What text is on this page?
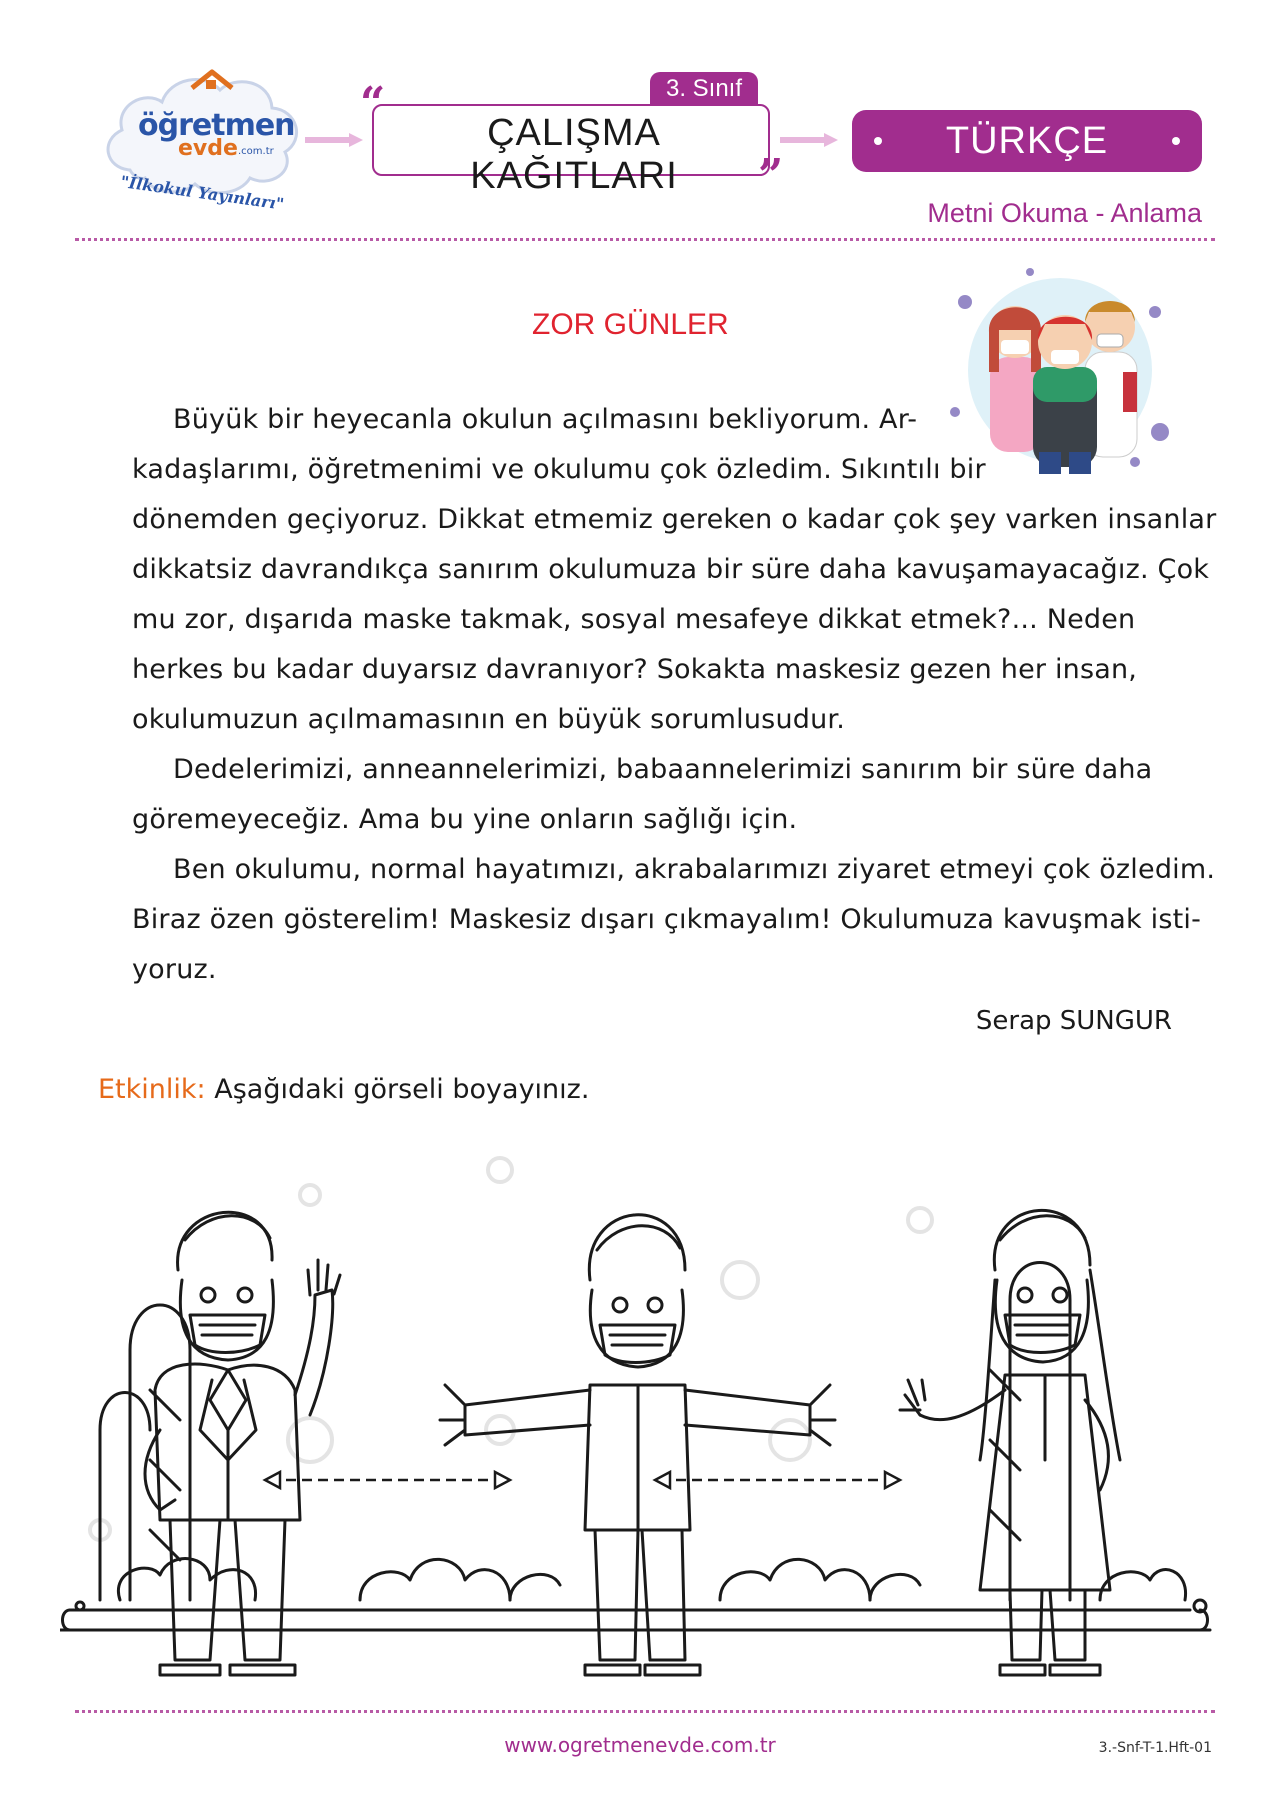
öğretmen
evde .com.tr
"İlkokul Yayınları"
“	3. Sınıf
ÇALIŞMA KAĞITLARI	”
TÜRKÇE
Metni Okuma - Anlama
ZOR GÜNLER
Büyük bir heyecanla okulun açılmasını bekliyorum. Ar-
kadaşlarımı, öğretmenimi ve okulumu çok özledim. Sıkıntılı bir
dönemden geçiyoruz. Dikkat etmemiz gereken o kadar çok şey varken insanlar
dikkatsiz davrandıkça sanırım okulumuza bir süre daha kavuşamayacağız. Çok
mu zor, dışarıda maske takmak, sosyal mesafeye dikkat etmek?... Neden
herkes bu kadar duyarsız davranıyor? Sokakta maskesiz gezen her insan,
okulumuzun açılmamasının en büyük sorumlusudur.
Dedelerimizi, anneannelerimizi, babaannelerimizi sanırım bir süre daha
göremeyeceğiz. Ama bu yine onların sağlığı için.
Ben okulumu, normal hayatımızı, akrabalarımızı ziyaret etmeyi çok özledim.
Biraz özen gösterelim! Maskesiz dışarı çıkmayalım! Okulumuza kavuşmak isti-
yoruz.
Serap SUNGUR
Etkinlik: Aşağıdaki görseli boyayınız.
www.ogretmenevde.com.tr	3.-Snf-T-1.Hft-01
